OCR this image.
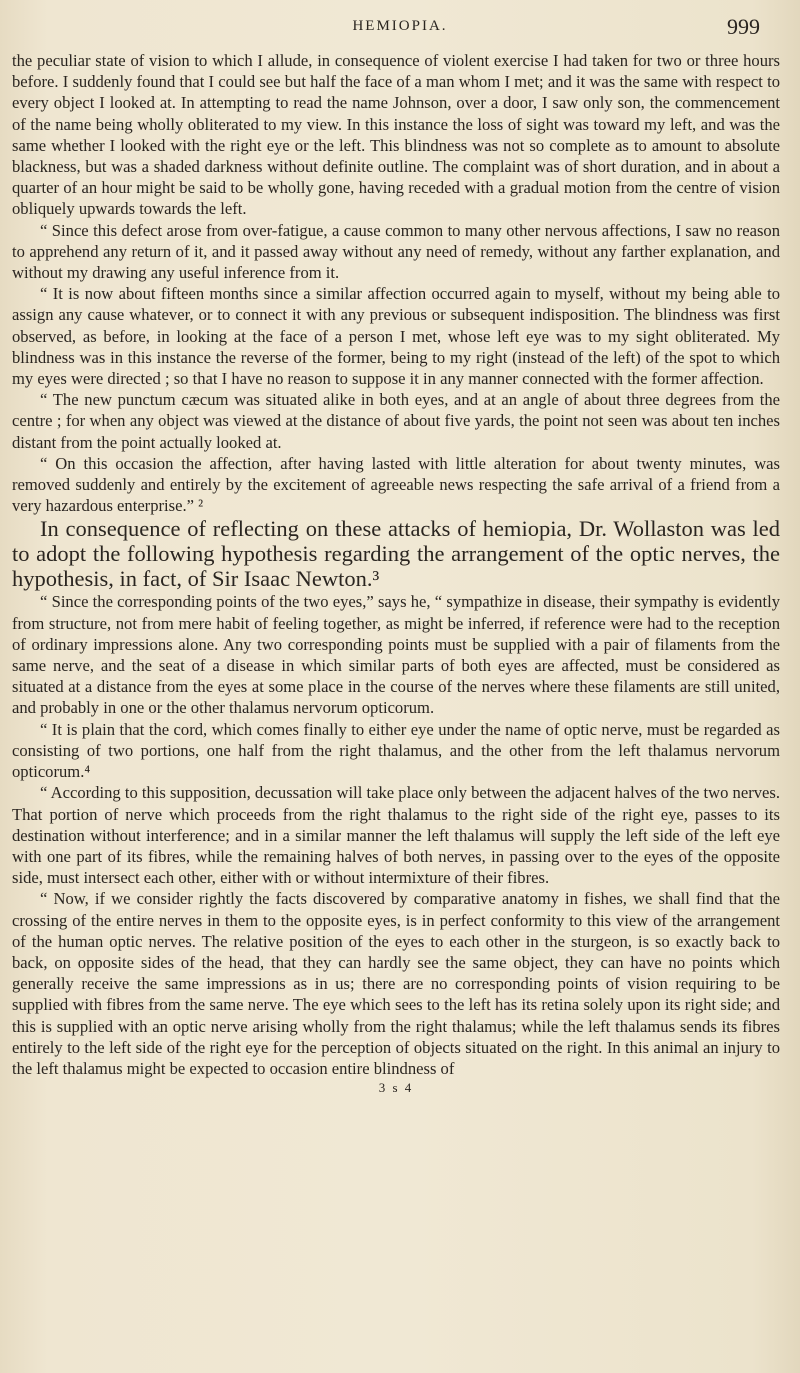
HEMIOPIA.	999

the peculiar state of vision to which I allude, in consequence of violent exercise I had taken for two or three hours before. I suddenly found that I could see but half the face of a man whom I met; and it was the same with respect to every object I looked at. In attempting to read the name Johnson, over a door, I saw only son, the commencement of the name being wholly obliterated to my view. In this instance the loss of sight was toward my left, and was the same whether I looked with the right eye or the left. This blindness was not so complete as to amount to absolute blackness, but was a shaded darkness without definite outline. The complaint was of short duration, and in about a quarter of an hour might be said to be wholly gone, having receded with a gradual motion from the centre of vision obliquely upwards towards the left.

“ Since this defect arose from over-fatigue, a cause common to many other nervous affections, I saw no reason to apprehend any return of it, and it passed away without any need of remedy, without any farther explanation, and without my drawing any useful inference from it.

“ It is now about fifteen months since a similar affection occurred again to myself, without my being able to assign any cause whatever, or to connect it with any previous or subsequent indisposition. The blindness was first observed, as before, in looking at the face of a person I met, whose left eye was to my sight obliterated. My blindness was in this instance the reverse of the former, being to my right (instead of the left) of the spot to which my eyes were directed ; so that I have no reason to suppose it in any manner connected with the former affection.

“ The new punctum cæcum was situated alike in both eyes, and at an angle of about three degrees from the centre ; for when any object was viewed at the distance of about five yards, the point not seen was about ten inches distant from the point actually looked at.

“ On this occasion the affection, after having lasted with little alteration for about twenty minutes, was removed suddenly and entirely by the excitement of agreeable news respecting the safe arrival of a friend from a very hazardous enterprise.” ²

In consequence of reflecting on these attacks of hemiopia, Dr. Wollaston was led to adopt the following hypothesis regarding the arrangement of the optic nerves, the hypothesis, in fact, of Sir Isaac Newton.³

“ Since the corresponding points of the two eyes,” says he, “ sympathize in disease, their sympathy is evidently from structure, not from mere habit of feeling together, as might be inferred, if reference were had to the reception of ordinary impressions alone. Any two corresponding points must be supplied with a pair of filaments from the same nerve, and the seat of a disease in which similar parts of both eyes are affected, must be considered as situated at a distance from the eyes at some place in the course of the nerves where these filaments are still united, and probably in one or the other thalamus nervorum opticorum.

“ It is plain that the cord, which comes finally to either eye under the name of optic nerve, must be regarded as consisting of two portions, one half from the right thalamus, and the other from the left thalamus nervorum opticorum.⁴

“ According to this supposition, decussation will take place only between the adjacent halves of the two nerves. That portion of nerve which proceeds from the right thalamus to the right side of the right eye, passes to its destination without interference; and in a similar manner the left thalamus will supply the left side of the left eye with one part of its fibres, while the remaining halves of both nerves, in passing over to the eyes of the opposite side, must intersect each other, either with or without intermixture of their fibres.

“ Now, if we consider rightly the facts discovered by comparative anatomy in fishes, we shall find that the crossing of the entire nerves in them to the opposite eyes, is in perfect conformity to this view of the arrangement of the human optic nerves. The relative position of the eyes to each other in the sturgeon, is so exactly back to back, on opposite sides of the head, that they can hardly see the same object, they can have no points which generally receive the same impressions as in us; there are no corresponding points of vision requiring to be supplied with fibres from the same nerve. The eye which sees to the left has its retina solely upon its right side; and this is supplied with an optic nerve arising wholly from the right thalamus; while the left thalamus sends its fibres entirely to the left side of the right eye for the perception of objects situated on the right. In this animal an injury to the left thalamus might be expected to occasion entire blindness of

3 s 4
